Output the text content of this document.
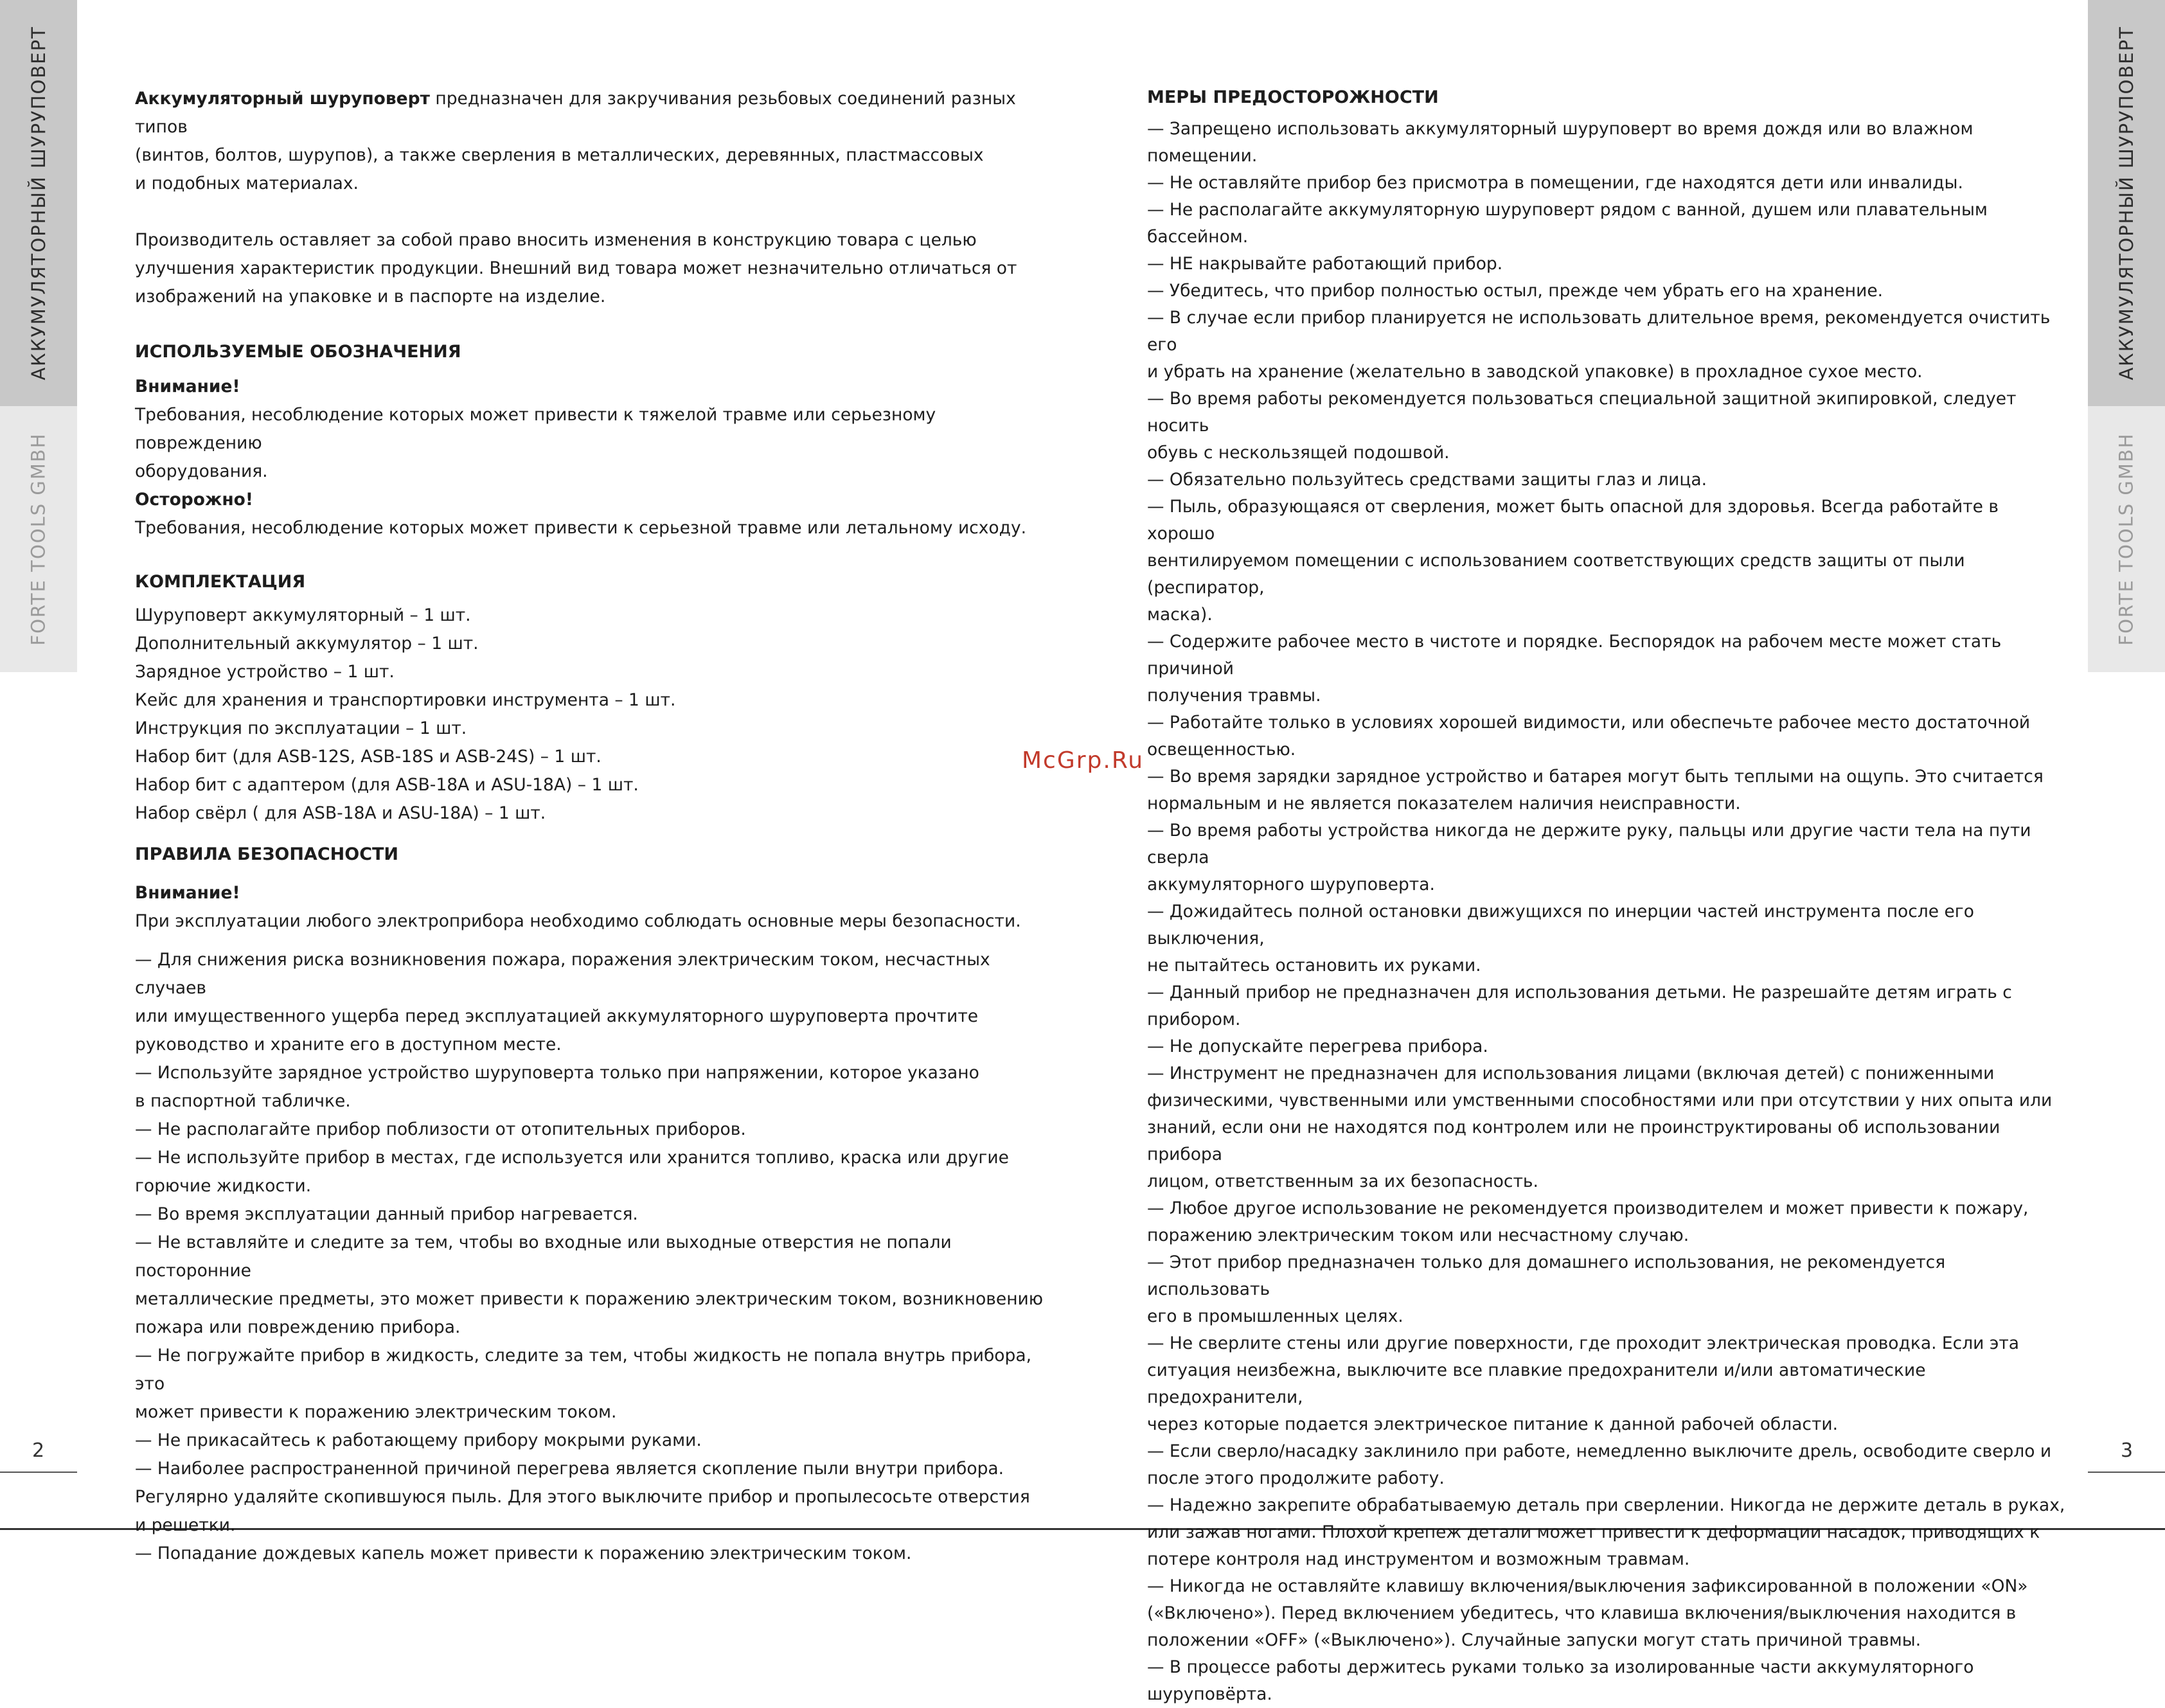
АККУМУЛЯТОРНЫЙ ШУРУПОВЕРТ
FORTE TOOLS GMBH
АККУМУЛЯТОРНЫЙ ШУРУПОВЕРТ
FORTE TOOLS GMBH
2	3
McGrp.Ru

Аккумуляторный шуруповерт предназначен для закручивания резьбовых соединений разных типов

(винтов, болтов, шурупов), а также сверления в металлических, деревянных, пластмассовых

и подобных материалах.

Производитель оставляет за собой право вносить изменения в конструкцию товара с целью

улучшения характеристик продукции. Внешний вид товара может незначительно отличаться от

изображений на упаковке и в паспорте на изделие.

ИСПОЛЬЗУЕМЫЕ ОБОЗНАЧЕНИЯ

Внимание!

Требования, несоблюдение которых может привести к тяжелой травме или серьезному повреждению

оборудования.

Осторожно!

Требования, несоблюдение которых может привести к серьезной травме или летальному исходу.

КОМПЛЕКТАЦИЯ

Шуруповерт аккумуляторный – 1 шт.

Дополнительный аккумулятор – 1 шт.

Зарядное устройство – 1 шт.

Кейс для хранения и транспортировки инструмента – 1 шт.

Инструкция по эксплуатации – 1 шт.

Набор бит (для ASB-12S, ASB-18S и ASB-24S) – 1 шт.

Набор бит с адаптером (для ASB-18A и ASU-18A) – 1 шт.

Набор свёрл ( для ASB-18A и ASU-18A) – 1 шт.

ПРАВИЛА БЕЗОПАСНОСТИ

Внимание!

При эксплуатации любого электроприбора необходимо соблюдать основные меры безопасности.

— Для снижения риска возникновения пожара, поражения электрическим током, несчастных случаев

или имущественного ущерба перед эксплуатацией аккумуляторного шуруповерта прочтите

руководство и храните его в доступном месте.

— Используйте зарядное устройство шуруповерта только при напряжении, которое указано

в паспортной табличке.

— Не располагайте прибор поблизости от отопительных приборов.

— Не используйте прибор в местах, где используется или хранится топливо, краска или другие

горючие жидкости.

— Во время эксплуатации данный прибор нагревается.

— Не вставляйте и следите за тем, чтобы во входные или выходные отверстия не попали посторонние

металлические предметы, это может привести к поражению электрическим током, возникновению

пожара или повреждению прибора.

— Не погружайте прибор в жидкость, следите за тем, чтобы жидкость не попала внутрь прибора, это

может привести к поражению электрическим током.

— Не прикасайтесь к работающему прибору мокрыми руками.

— Наиболее распространенной причиной перегрева является скопление пыли внутри прибора.

Регулярно удаляйте скопившуюся пыль. Для этого выключите прибор и пропылесосьте отверстия

и решетки.

— Попадание дождевых капель может привести к поражению электрическим током.

МЕРЫ ПРЕДОСТОРОЖНОСТИ

— Запрещено использовать аккумуляторный шуруповерт во время дождя или во влажном помещении.

— Не оставляйте прибор без присмотра в помещении, где находятся дети или инвалиды.

— Не располагайте аккумуляторную шуруповерт рядом с ванной, душем или плавательным бассейном.

— НЕ накрывайте работающий прибор.

— Убедитесь, что прибор полностью остыл, прежде чем убрать его на хранение.

— В случае если прибор планируется не использовать длительное время, рекомендуется очистить его

и убрать на хранение (желательно в заводской упаковке) в прохладное сухое место.

— Во время работы рекомендуется пользоваться специальной защитной экипировкой, следует носить

обувь с нескользящей подошвой.

— Обязательно пользуйтесь средствами защиты глаз и лица.

— Пыль, образующаяся от сверления, может быть опасной для здоровья. Всегда работайте в хорошо

вентилируемом помещении с использованием соответствующих средств защиты от пыли (респиратор,

маска).

— Содержите рабочее место в чистоте и порядке. Беспорядок на рабочем месте может стать причиной

получения травмы.

— Работайте только в условиях хорошей видимости, или обеспечьте рабочее место достаточной

освещенностью.

— Во время зарядки зарядное устройство и батарея могут быть теплыми на ощупь. Это считается

нормальным и не является показателем наличия неисправности.

— Во время работы устройства никогда не держите руку, пальцы или другие части тела на пути сверла

аккумуляторного шуруповерта.

— Дожидайтесь полной остановки движущихся по инерции частей инструмента после его выключения,

не пытайтесь остановить их руками.

— Данный прибор не предназначен для использования детьми. Не разрешайте детям играть с прибором.

— Не допускайте перегрева прибора.

— Инструмент не предназначен для использования лицами (включая детей) с пониженными

физическими, чувственными или умственными способностями или при отсутствии у них опыта или

знаний, если они не находятся под контролем или не проинструктированы об использовании прибора

лицом, ответственным за их безопасность.

— Любое другое использование не рекомендуется производителем и может привести к пожару,

поражению электрическим током или несчастному случаю.

— Этот прибор предназначен только для домашнего использования, не рекомендуется использовать

его в промышленных целях.

— Не сверлите стены или другие поверхности, где проходит электрическая проводка. Если эта

ситуация неизбежна, выключите все плавкие предохранители и/или автоматические предохранители,

через которые подается электрическое питание к данной рабочей области.

— Если сверло/насадку заклинило при работе, немедленно выключите дрель, освободите сверло и

после этого продолжите работу.

— Надежно закрепите обрабатываемую деталь при сверлении. Никогда не держите деталь в руках,

или зажав ногами. Плохой крепеж детали может привести к деформации насадок, приводящих к

потере контроля над инструментом и возможным травмам.

— Никогда не оставляйте клавишу включения/выключения зафиксированной в положении «ON»

(«Включено»). Перед включением убедитесь, что клавиша включения/выключения находится в

положении «OFF» («Выключено»). Случайные запуски могут стать причиной травмы.

— В процессе работы держитесь руками только за изолированные части аккумуляторного

шуруповёрта.
